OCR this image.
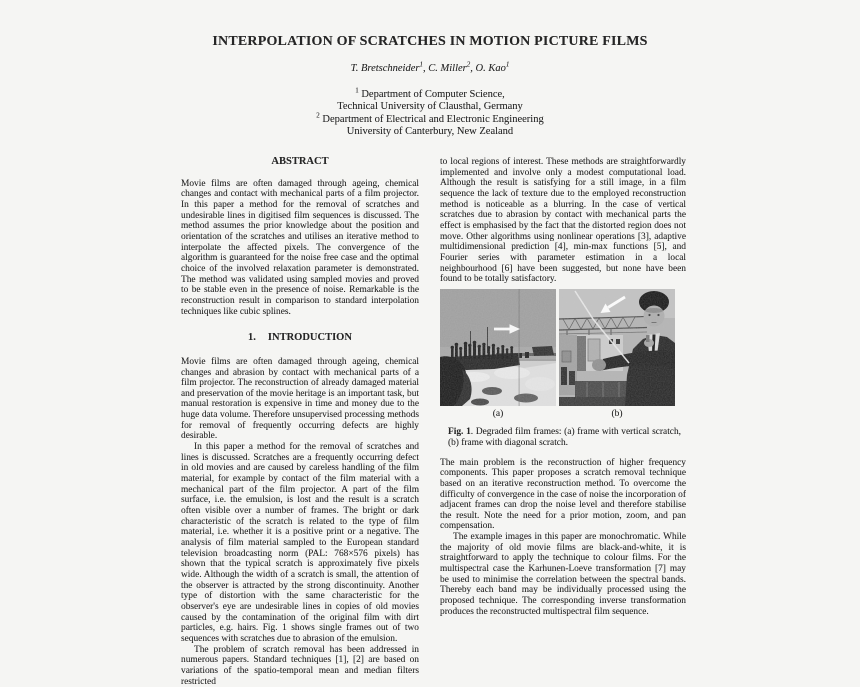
INTERPOLATION OF SCRATCHES IN MOTION PICTURE FILMS
T. Bretschneider$^1$, C. Miller$^2$, O. Kao$^1$
$^1$ Department of Computer Science,
Technical University of Clausthal, Germany
$^2$ Department of Electrical and Electronic Engineering
University of Canterbury, New Zealand
ABSTRACT

Movie films are often damaged through ageing, chemical changes and contact with mechanical parts of a film projector. In this paper a method for the removal of scratches and undesirable lines in digitised film sequences is discussed. The method assumes the prior knowledge about the position and orientation of the scratches and utilises an iterative method to interpolate the affected pixels. The convergence of the algorithm is guaranteed for the noise free case and the optimal choice of the involved relaxation parameter is demonstrated. The method was validated using sampled movies and proved to be stable even in the presence of noise. Remarkable is the reconstruction result in comparison to standard interpolation techniques like cubic splines.

1. INTRODUCTION

Movie films are often damaged through ageing, chemical changes and abrasion by contact with mechanical parts of a film projector. The reconstruction of already damaged material and preservation of the movie heritage is an important task, but manual restoration is expensive in time and money due to the huge data volume. Therefore unsupervised processing methods for removal of frequently occurring defects are highly desirable.

In this paper a method for the removal of scratches and lines is discussed. Scratches are a frequently occurring defect in old movies and are caused by careless handling of the film material, for example by contact of the film material with a mechanical part of the film projector. A part of the film surface, i.e. the emulsion, is lost and the result is a scratch often visible over a number of frames. The bright or dark characteristic of the scratch is related to the type of film material, i.e. whether it is a positive print or a negative. The analysis of film material sampled to the European standard television broadcasting norm (PAL: 768×576 pixels) has shown that the typical scratch is approximately five pixels wide. Although the width of a scratch is small, the attention of the observer is attracted by the strong discontinuity. Another type of distortion with the same characteristic for the observer's eye are undesirable lines in copies of old movies caused by the contamination of the original film with dirt particles, e.g. hairs. Fig. 1 shows single frames out of two sequences with scratches due to abrasion of the emulsion.

The problem of scratch removal has been addressed in numerous papers. Standard techniques [1], [2] are based on variations of the spatio-temporal mean and median filters restricted

to local regions of interest. These methods are straightforwardly implemented and involve only a modest computational load. Although the result is satisfying for a still image, in a film sequence the lack of texture due to the employed reconstruction method is noticeable as a blurring. In the case of vertical scratches due to abrasion by contact with mechanical parts the effect is emphasised by the fact that the distorted region does not move. Other algorithms using nonlinear operations [3], adaptive multidimensional prediction [4], min-max functions [5], and Fourier series with parameter estimation in a local neighbourhood [6] have been suggested, but none have been found to be totally satisfactory.

(a)	(b)
Fig. 1. Degraded film frames: (a) frame with vertical scratch, (b) frame with diagonal scratch.

The main problem is the reconstruction of higher frequency components. This paper proposes a scratch removal technique based on an iterative reconstruction method. To overcome the difficulty of convergence in the case of noise the incorporation of adjacent frames can drop the noise level and therefore stabilise the result. Note the need for a prior motion, zoom, and pan compensation.

The example images in this paper are monochromatic. While the majority of old movie films are black-and-white, it is straightforward to apply the technique to colour films. For the multispectral case the Karhunen-Loeve transformation [7] may be used to minimise the correlation between the spectral bands. Thereby each band may be individually processed using the proposed technique. The corresponding inverse transformation produces the reconstructed multispectral film sequence.
